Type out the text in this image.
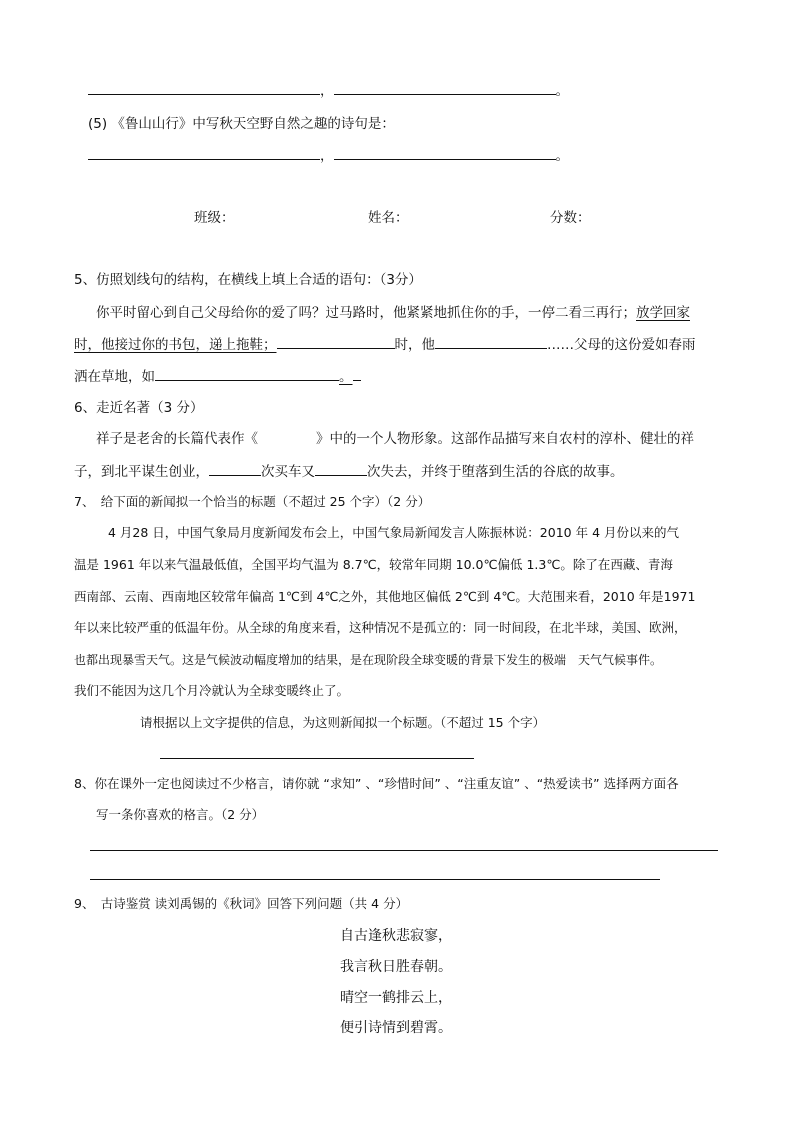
，	。
(5) 《鲁山山行》中写秋天空野自然之趣的诗句是：
，	。
班级：	姓名：	分数：
5、仿照划线句的结构，在横线上填上合适的语句：（3分）
你平时留心到自己父母给你的爱了吗？过马路时，他紧紧地抓住你的手，一停二看三再行；放学回家
时，他接过你的书包，递上拖鞋；	时，他	……父母的这份爱如春雨
洒在草地，如	。
6、走近名著（3 分）
祥子是老舍的长篇代表作《	》中的一个人物形象。这部作品描写来自农村的淳朴、健壮的祥
子，到北平谋生创业，	次买车又	次失去，并终于堕落到生活的谷底的故事。
7、　给下面的新闻拟一个恰当的标题（不超过 25 个字）（2 分）
4 月28 日，中国气象局月度新闻发布会上，中国气象局新闻发言人陈振林说：2010 年 4 月份以来的气
温是 1961 年以来气温最低值，全国平均气温为 8.7℃，较常年同期 10.0℃偏低 1.3℃。除了在西藏、青海
西南部、云南、西南地区较常年偏高 1℃到 4℃之外，其他地区偏低 2℃到 4℃。大范围来看，2010 年是1971
年以来比较严重的低温年份。从全球的角度来看，这种情况不是孤立的：同一时间段，在北半球，美国、欧洲，
也都出现暴雪天气。这是气候波动幅度增加的结果，是在现阶段全球变暖的背景下发生的极端　天气气候事件。
我们不能因为这几个月冷就认为全球变暖终止了。
请根据以上文字提供的信息，为这则新闻拟一个标题。（不超过 15 个字）
8、你在课外一定也阅读过不少格言，请你就 “求知” 、“珍惜时间” 、“注重友谊” 、“热爱读书” 选择两方面各
写一条你喜欢的格言。（2 分）
9、　古诗鉴赏 读刘禹锡的《秋词》回答下列问题（共 4 分）
自古逢秋悲寂寥，
我言秋日胜春朝。
晴空一鹤排云上，
便引诗情到碧霄。
